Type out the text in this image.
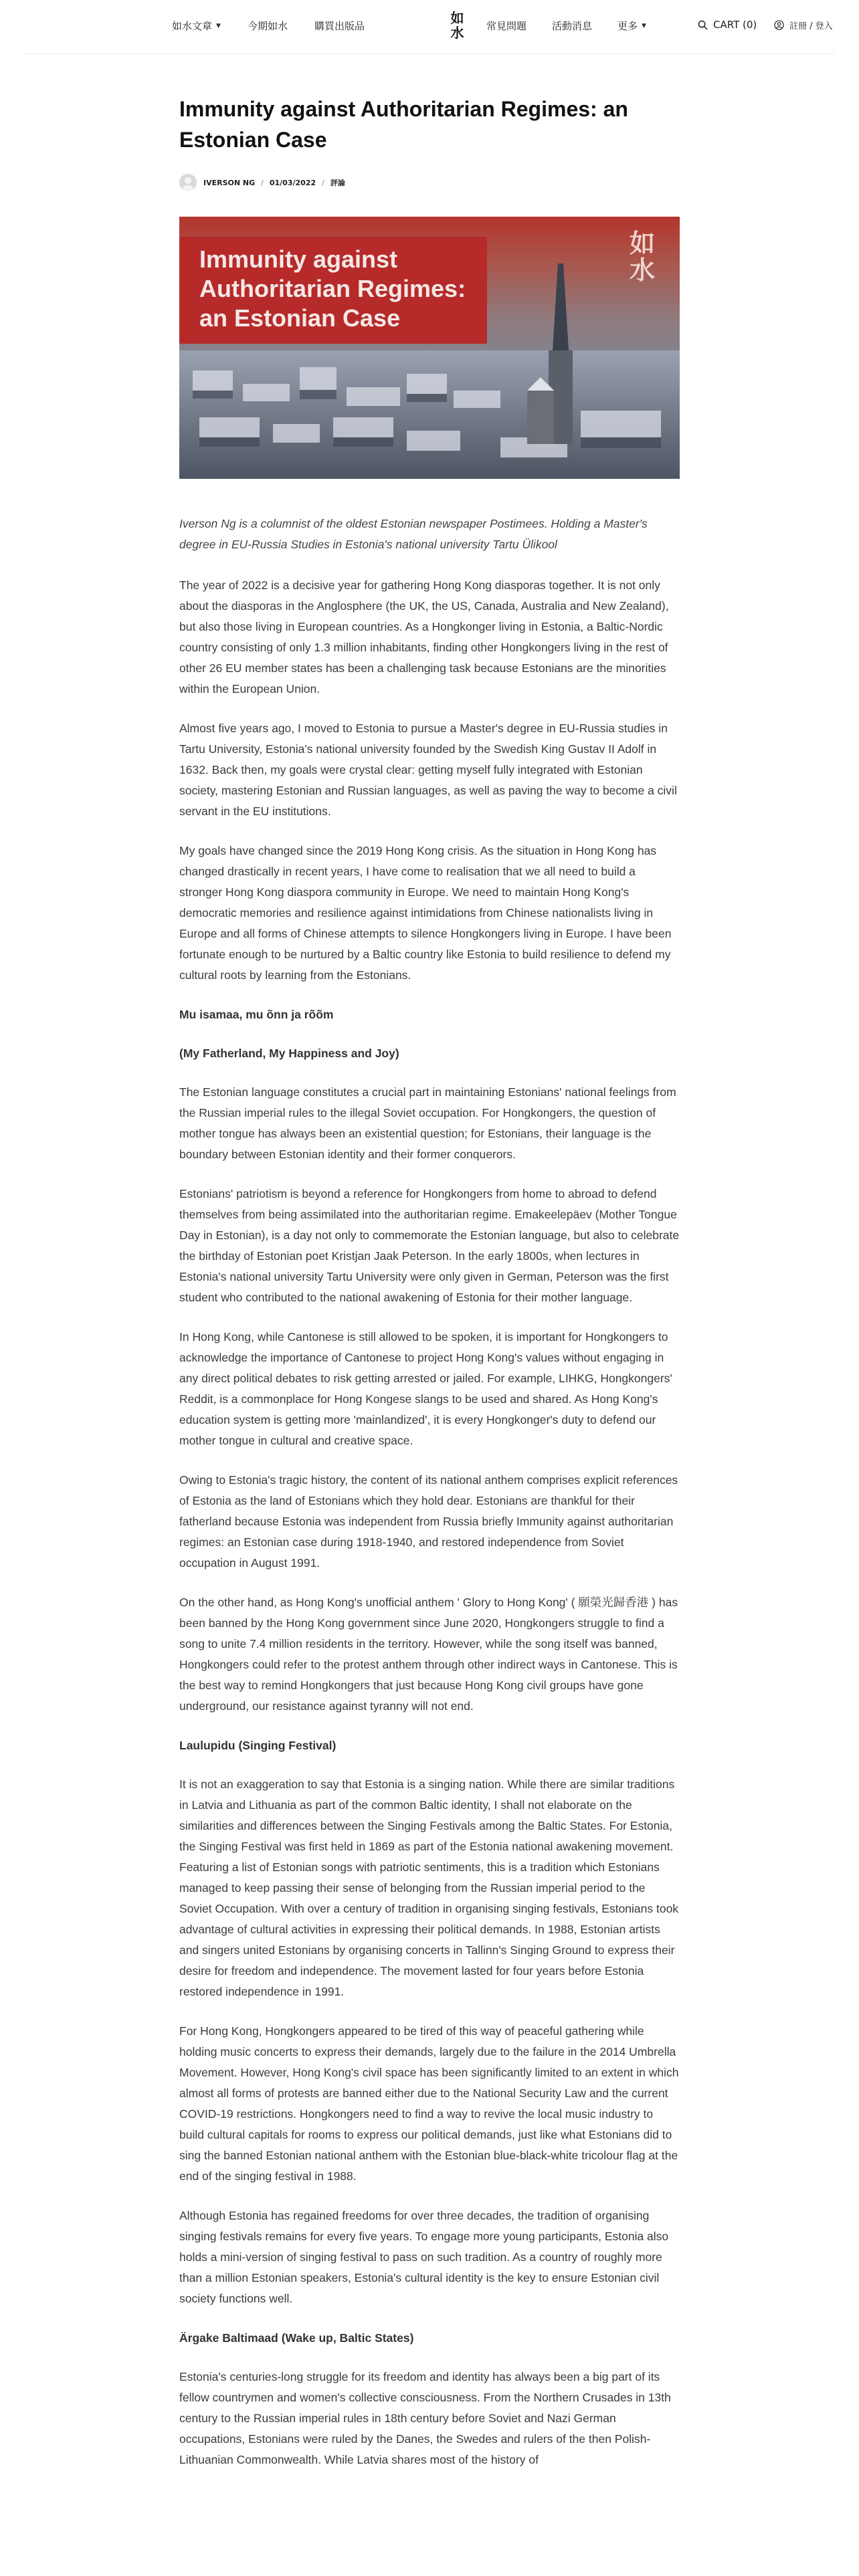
如水文章 ▼	今期如水	購買出版品	如
水	常見問題	活動消息	更多 ▼	CART (0)	註冊 / 登入
Immunity against Authoritarian Regimes: an Estonian Case
IVERSON NG / 01/03/2022 / 評論
Immunity against Authoritarian Regimes: an Estonian Case
如
水

Iverson Ng is a columnist of the oldest Estonian newspaper Postimees. Holding a Master's degree in EU-Russia Studies in Estonia's national university Tartu Ülikool

The year of 2022 is a decisive year for gathering Hong Kong diasporas together. It is not only about the diasporas in the Anglosphere (the UK, the US, Canada, Australia and New Zealand), but also those living in European countries. As a Hongkonger living in Estonia, a Baltic-Nordic country consisting of only 1.3 million inhabitants, finding other Hongkongers living in the rest of other 26 EU member states has been a challenging task because Estonians are the minorities within the European Union.

Almost five years ago, I moved to Estonia to pursue a Master's degree in EU-Russia studies in Tartu University, Estonia's national university founded by the Swedish King Gustav II Adolf in 1632. Back then, my goals were crystal clear: getting myself fully integrated with Estonian society, mastering Estonian and Russian languages, as well as paving the way to become a civil servant in the EU institutions.

My goals have changed since the 2019 Hong Kong crisis. As the situation in Hong Kong has changed drastically in recent years, I have come to realisation that we all need to build a stronger Hong Kong diaspora community in Europe. We need to maintain Hong Kong's democratic memories and resilience against intimidations from Chinese nationalists living in Europe and all forms of Chinese attempts to silence Hongkongers living in Europe. I have been fortunate enough to be nurtured by a Baltic country like Estonia to build resilience to defend my cultural roots by learning from the Estonians.

Mu isamaa, mu õnn ja rõõm
(My Fatherland, My Happiness and Joy)

The Estonian language constitutes a crucial part in maintaining Estonians' national feelings from the Russian imperial rules to the illegal Soviet occupation. For Hongkongers, the question of mother tongue has always been an existential question; for Estonians, their language is the boundary between Estonian identity and their former conquerors.

Estonians' patriotism is beyond a reference for Hongkongers from home to abroad to defend themselves from being assimilated into the authoritarian regime. Emakeelepäev (Mother Tongue Day in Estonian), is a day not only to commemorate the Estonian language, but also to celebrate the birthday of Estonian poet Kristjan Jaak Peterson. In the early 1800s, when lectures in Estonia's national university Tartu University were only given in German, Peterson was the first student who contributed to the national awakening of Estonia for their mother language.

In Hong Kong, while Cantonese is still allowed to be spoken, it is important for Hongkongers to acknowledge the importance of Cantonese to project Hong Kong's values without engaging in any direct political debates to risk getting arrested or jailed. For example, LIHKG, Hongkongers' Reddit, is a commonplace for Hong Kongese slangs to be used and shared. As Hong Kong's education system is getting more 'mainlandized', it is every Hongkonger's duty to defend our mother tongue in cultural and creative space.

Owing to Estonia's tragic history, the content of its national anthem comprises explicit references of Estonia as the land of Estonians which they hold dear. Estonians are thankful for their fatherland because Estonia was independent from Russia briefly Immunity against authoritarian regimes: an Estonian case during 1918-1940, and restored independence from Soviet occupation in August 1991.

On the other hand, as Hong Kong's unofficial anthem ' Glory to Hong Kong' ( 願榮光歸香港 ) has been banned by the Hong Kong government since June 2020, Hongkongers struggle to find a song to unite 7.4 million residents in the territory. However, while the song itself was banned, Hongkongers could refer to the protest anthem through other indirect ways in Cantonese. This is the best way to remind Hongkongers that just because Hong Kong civil groups have gone underground, our resistance against tyranny will not end.

Laulupidu (Singing Festival)

It is not an exaggeration to say that Estonia is a singing nation. While there are similar traditions in Latvia and Lithuania as part of the common Baltic identity, I shall not elaborate on the similarities and differences between the Singing Festivals among the Baltic States. For Estonia, the Singing Festival was first held in 1869 as part of the Estonia national awakening movement. Featuring a list of Estonian songs with patriotic sentiments, this is a tradition which Estonians managed to keep passing their sense of belonging from the Russian imperial period to the Soviet Occupation. With over a century of tradition in organising singing festivals, Estonians took advantage of cultural activities in expressing their political demands. In 1988, Estonian artists and singers united Estonians by organising concerts in Tallinn's Singing Ground to express their desire for freedom and independence. The movement lasted for four years before Estonia restored independence in 1991.

For Hong Kong, Hongkongers appeared to be tired of this way of peaceful gathering while holding music concerts to express their demands, largely due to the failure in the 2014 Umbrella Movement. However, Hong Kong's civil space has been significantly limited to an extent in which almost all forms of protests are banned either due to the National Security Law and the current COVID-19 restrictions. Hongkongers need to find a way to revive the local music industry to build cultural capitals for rooms to express our political demands, just like what Estonians did to sing the banned Estonian national anthem with the Estonian blue-black-white tricolour flag at the end of the singing festival in 1988.

Although Estonia has regained freedoms for over three decades, the tradition of organising singing festivals remains for every five years. To engage more young participants, Estonia also holds a mini-version of singing festival to pass on such tradition. As a country of roughly more than a million Estonian speakers, Estonia's cultural identity is the key to ensure Estonian civil society functions well.

Ärgake Baltimaad (Wake up, Baltic States)

Estonia's centuries-long struggle for its freedom and identity has always been a big part of its fellow countrymen and women's collective consciousness. From the Northern Crusades in 13th century to the Russian imperial rules in 18th century before Soviet and Nazi German occupations, Estonians were ruled by the Danes, the Swedes and rulers of the then Polish-Lithuanian Commonwealth. While Latvia shares most of the history of
